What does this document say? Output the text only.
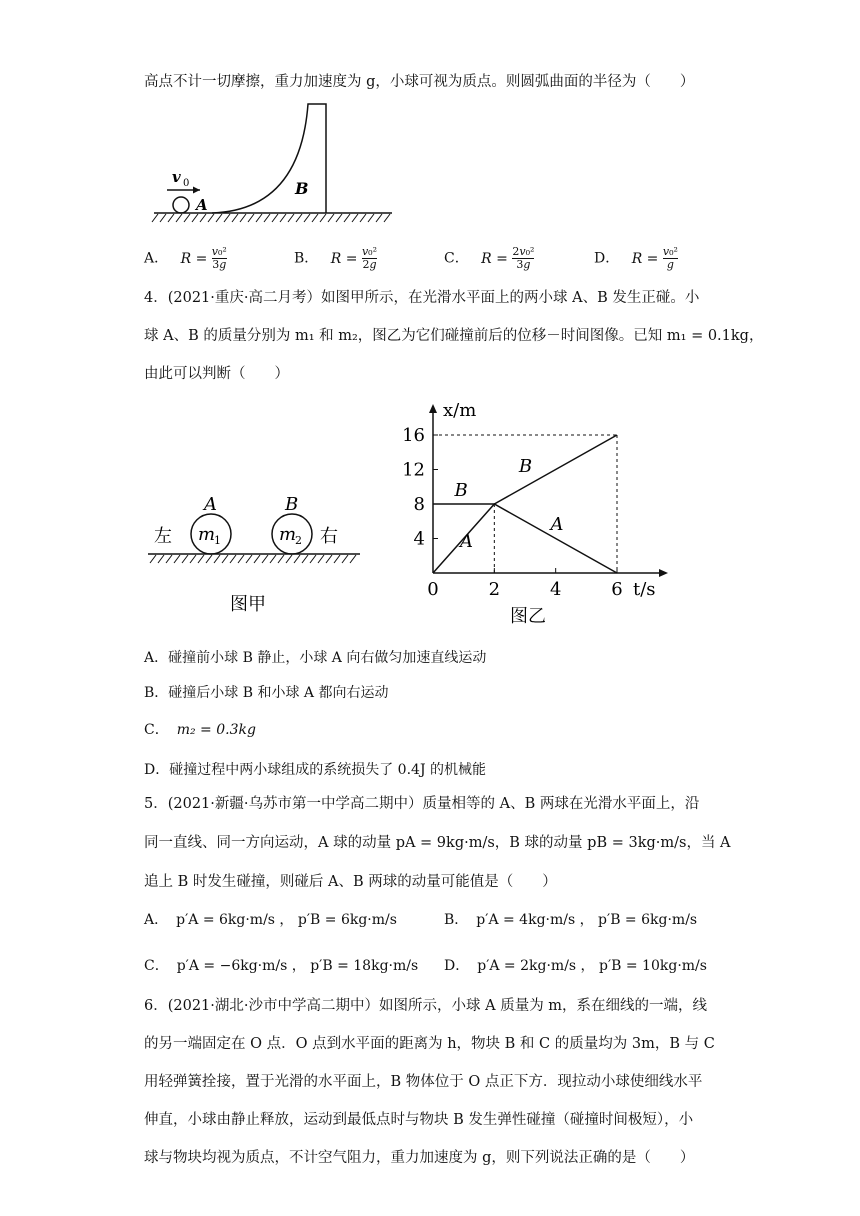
高点不计一切摩擦，重力加速度为 g，小球可视为质点。则圆弧曲面的半径为（　　）
v 0
A
B
A． $R = \frac{\text{v₀²}}{3g}$	B． $R = \frac{\text{v₀²}}{2g}$	C． $R = \frac{\text{2v₀²}}{3g}$	D． $R = \frac{\text{v₀²}}{g}$
4．(2021·重庆·高二月考）如图甲所示，在光滑水平面上的两小球 A、B 发生正碰。小
球 A、B 的质量分别为 m₁ 和 m₂，图乙为它们碰撞前后的位移－时间图像。已知 m₁ = 0.1kg，
由此可以判断（　　）
左	右
A	B
m
1	m
2
图甲
x/m
t/s
16
12
8
4
0	2	4	6
B
A
B
A
图乙
A．碰撞前小球 B 静止，小球 A 向右做匀加速直线运动
B．碰撞后小球 B 和小球 A 都向右运动
C． m₂ = 0.3kg
D．碰撞过程中两小球组成的系统损失了 0.4J 的机械能
5．(2021·新疆·乌苏市第一中学高二期中）质量相等的 A、B 两球在光滑水平面上，沿
同一直线、同一方向运动，A 球的动量 pA = 9kg·m/s，B 球的动量 pB = 3kg·m/s，当 A
追上 B 时发生碰撞，则碰后 A、B 两球的动量可能值是（　　）
A． p′A = 6kg·m/s ， p′B = 6kg·m/s	B． p′A = 4kg·m/s ， p′B = 6kg·m/s
C． p′A = −6kg·m/s ， p′B = 18kg·m/s D． p′A = 2kg·m/s ， p′B = 10kg·m/s
6．(2021·湖北·沙市中学高二期中）如图所示，小球 A 质量为 m，系在细线的一端，线
的另一端固定在 O 点．O 点到水平面的距离为 h，物块 B 和 C 的质量均为 3m，B 与 C
用轻弹簧拴接，置于光滑的水平面上，B 物体位于 O 点正下方．现拉动小球使细线水平
伸直，小球由静止释放，运动到最低点时与物块 B 发生弹性碰撞（碰撞时间极短），小
球与物块均视为质点，不计空气阻力，重力加速度为 g，则下列说法正确的是（　　）
